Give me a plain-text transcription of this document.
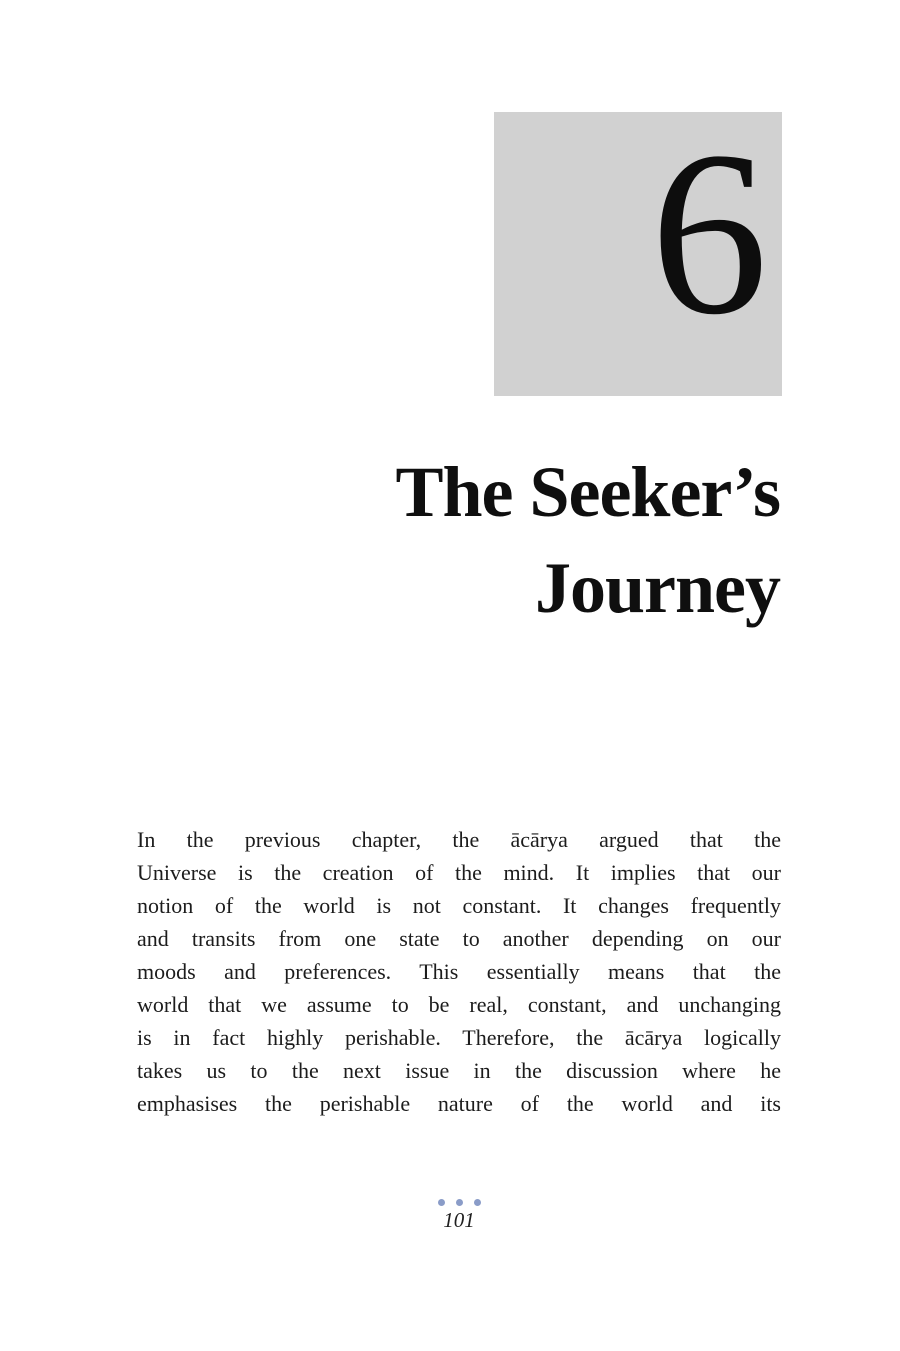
6
The Seeker’s
Journey
In the previous chapter, the ācārya argued that the
Universe is the creation of the mind. It implies that our
notion of the world is not constant. It changes frequently
and transits from one state to another depending on our
moods and preferences. This essentially means that the
world that we assume to be real, constant, and unchanging
is in fact highly perishable. Therefore, the ācārya logically
takes us to the next issue in the discussion where he
emphasises the perishable nature of the world and its

101
